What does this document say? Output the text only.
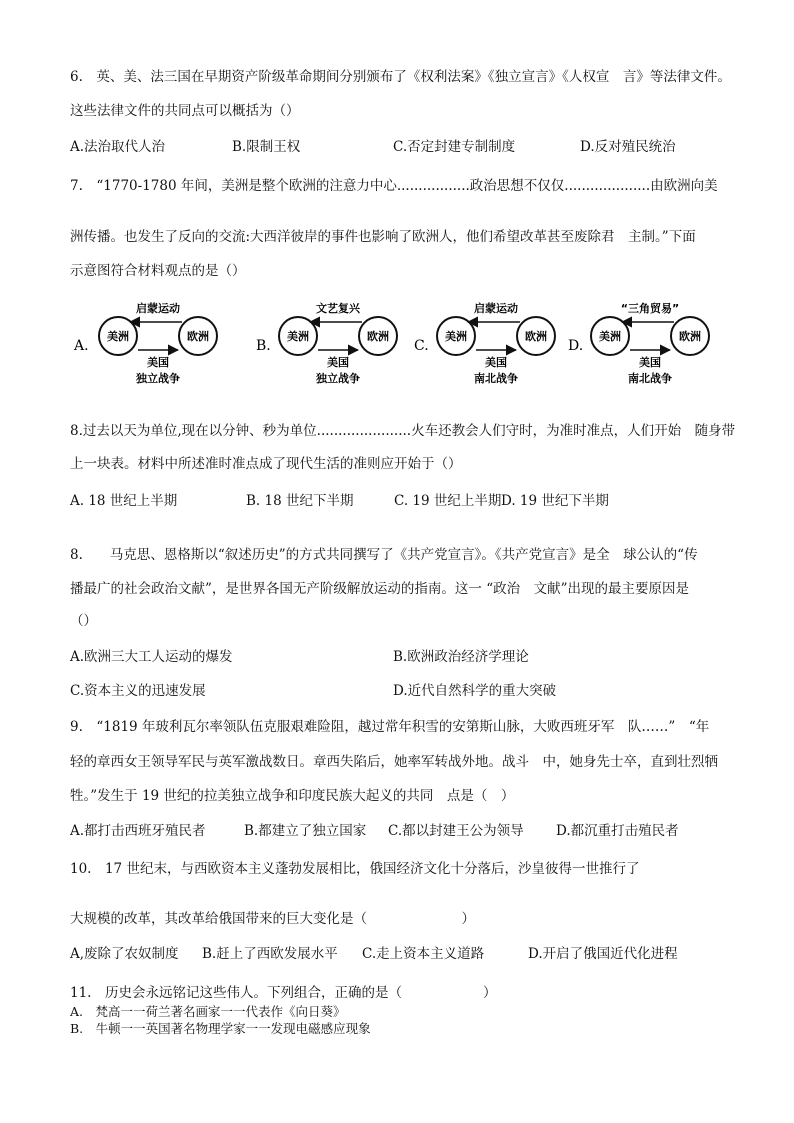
6.　英、美、法三国在早期资产阶级革命期间分别颁布了《权利法案》《独立宣言》《人权宣　言》等法律文件。
这些法律文件的共同点可以概括为（）
A.法治取代人治	B.限制王权	C.否定封建专制制度	D.反对殖民统治
7.　“1770-1780 年间，美洲是整个欧洲的注意力中心.................政治思想不仅仅....................由欧洲向美
洲传播。也发生了反向的交流:大西洋彼岸的事件也影响了欧洲人，他们希望改革甚至废除君　主制。”下面
示意图符合材料观点的是（）
A.
启蒙运动
美洲	欧洲
美国
独立战争
B.
文艺复兴
美洲	欧洲
美国
独立战争
C.
启蒙运动
美洲	欧洲
美国
南北战争
D.
“三角贸易”
美洲	欧洲
美国
南北战争
8.过去以天为单位,现在以分钟、秒为单位......................火车还教会人们守时，为准时准点，人们开始　随身带
上一块表。材料中所述准时准点成了现代生活的准则应开始于（）
A. 18 世纪上半期	B. 18 世纪下半期	C. 19 世纪上半期 D. 19 世纪下半期
8.　　马克思、恩格斯以“叙述历史”的方式共同撰写了《共产党宣言》。《共产党宣言》是全　球公认的“传
播最广的社会政治文献”，是世界各国无产阶级解放运动的指南。这一 “政治　文献”出现的最主要原因是
（）
A.欧洲三大工人运动的爆发	B.欧洲政治经济学理论
C.资本主义的迅速发展	D.近代自然科学的重大突破
9.　“1819 年玻利瓦尔率领队伍克服艰难险阻，越过常年积雪的安第斯山脉，大败西班牙军　队……”　“年
轻的章西女王领导军民与英军激战数日。章西失陷后，她率军转战外地。战斗　中，她身先士卒，直到壮烈牺
牲。”发生于 19 世纪的拉美独立战争和印度民族大起义的共同　点是（　）
A.都打击西班牙殖民者	B.都建立了独立国家 C.都以封建王公为领导 D.都沉重打击殖民者
10.　17 世纪末，与西欧资本主义蓬勃发展相比，俄国经济文化十分落后，沙皇彼得一世推行了
大规模的改革，其改革给俄国带来的巨大变化是（　　　　　　　）
A,废除了农奴制度 B.赶上了西欧发展水平 C.走上资本主义道路	D.开启了俄国近代化进程
11.　历史会永远铭记这些伟人。下列组合，正确的是（　　　　　　）
A.　梵高一一荷兰著名画家一一代表作《向日葵》
B.　牛顿一一英国著名物理学家一一发现电磁感应现象
